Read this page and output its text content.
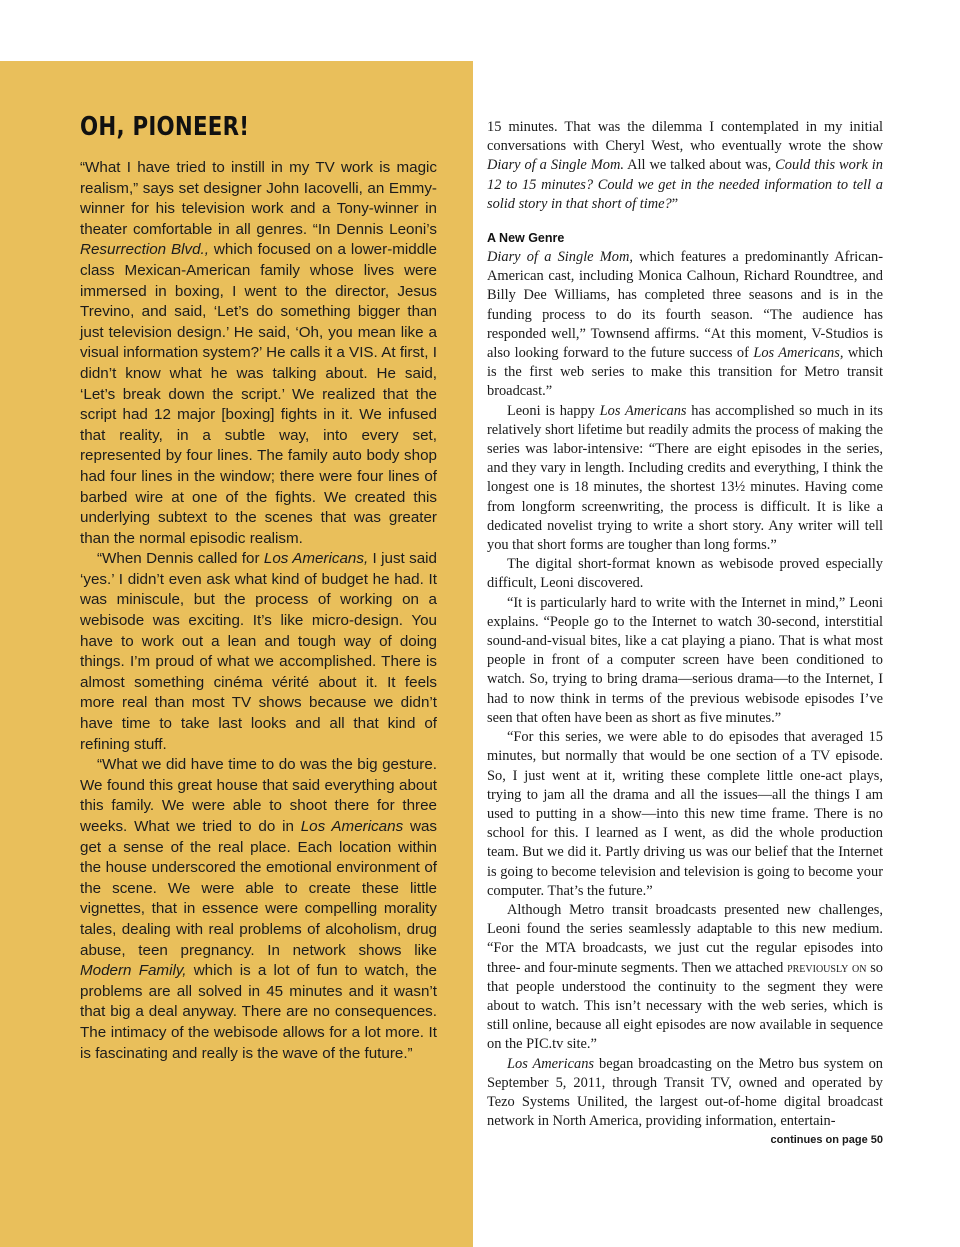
OH, PIONEER!

“What I have tried to instill in my TV work is magic realism,” says set designer John Iacovelli, an Emmy-winner for his television work and a Tony-winner in theater comfortable in all genres. “In Dennis Leoni’s Resurrection Blvd., which focused on a lower-middle class Mexican-American family whose lives were immersed in boxing, I went to the director, Jesus Trevino, and said, ‘Let’s do something bigger than just television design.’ He said, ‘Oh, you mean like a visual information system?’ He calls it a VIS. At first, I didn’t know what he was talking about. He said, ‘Let’s break down the script.’ We realized that the script had 12 major [boxing] fights in it. We infused that reality, in a subtle way, into every set, represented by four lines. The family auto body shop had four lines in the window; there were four lines of barbed wire at one of the fights. We created this underlying subtext to the scenes that was greater than the normal episodic realism.

“When Dennis called for Los Americans, I just said ‘yes.’ I didn’t even ask what kind of budget he had. It was miniscule, but the process of working on a webisode was exciting. It’s like micro-design. You have to work out a lean and tough way of doing things. I’m proud of what we accomplished. There is almost something cinéma vérité about it. It feels more real than most TV shows because we didn’t have time to take last looks and all that kind of refining stuff.

“What we did have time to do was the big gesture. We found this great house that said everything about this family. We were able to shoot there for three weeks. What we tried to do in Los Americans was get a sense of the real place. Each location within the house underscored the emotional environment of the scene. We were able to create these little vignettes, that in essence were compelling morality tales, dealing with real problems of alcoholism, drug abuse, teen pregnancy. In network shows like Modern Family, which is a lot of fun to watch, the problems are all solved in 45 minutes and it wasn’t that big a deal anyway. There are no consequences. The intimacy of the webisode allows for a lot more. It is fascinating and really is the wave of the future.”

15 minutes. That was the dilemma I contemplated in my initial conversations with Cheryl West, who eventually wrote the show Diary of a Single Mom. All we talked about was, Could this work in 12 to 15 minutes? Could we get in the needed information to tell a solid story in that short of time?”

A New Genre

Diary of a Single Mom, which features a predominantly African-American cast, including Monica Calhoun, Richard Roundtree, and Billy Dee Williams, has completed three seasons and is in the funding process to do its fourth season. “The audience has responded well,” Townsend affirms. “At this moment, V-Studios is also looking forward to the future success of Los Americans, which is the first web series to make this transition for Metro transit broadcast.”

Leoni is happy Los Americans has accomplished so much in its relatively short lifetime but readily admits the process of making the series was labor-intensive: “There are eight episodes in the series, and they vary in length. Including credits and everything, I think the longest one is 18 minutes, the shortest 13½ minutes. Having come from longform screenwriting, the process is difficult. It is like a dedicated novelist trying to write a short story. Any writer will tell you that short forms are tougher than long forms.”

The digital short-format known as webisode proved especially difficult, Leoni discovered.

“It is particularly hard to write with the Internet in mind,” Leoni explains. “People go to the Internet to watch 30-second, interstitial sound-and-visual bites, like a cat playing a piano. That is what most people in front of a computer screen have been conditioned to watch. So, trying to bring drama—serious drama—to the Internet, I had to now think in terms of the previous webisode episodes I’ve seen that often have been as short as five minutes.”

“For this series, we were able to do episodes that averaged 15 minutes, but normally that would be one section of a TV episode. So, I just went at it, writing these complete little one-act plays, trying to jam all the drama and all the issues—all the things I am used to putting in a show—into this new time frame. There is no school for this. I learned as I went, as did the whole production team. But we did it. Partly driving us was our belief that the Internet is going to become television and television is going to become your computer. That’s the future.”

Although Metro transit broadcasts presented new challenges, Leoni found the series seamlessly adaptable to this new medium. “For the MTA broadcasts, we just cut the regular episodes into three- and four-minute segments. Then we attached previously on so that people understood the continuity to the segment they were about to watch. This isn’t necessary with the web series, which is still online, because all eight episodes are now available in sequence on the PIC.tv site.”

Los Americans began broadcasting on the Metro bus system on September 5, 2011, through Transit TV, owned and operated by Tezo Systems Unilited, the largest out-of-home digital broadcast network in North America, providing information, entertain-

continues on page 50
